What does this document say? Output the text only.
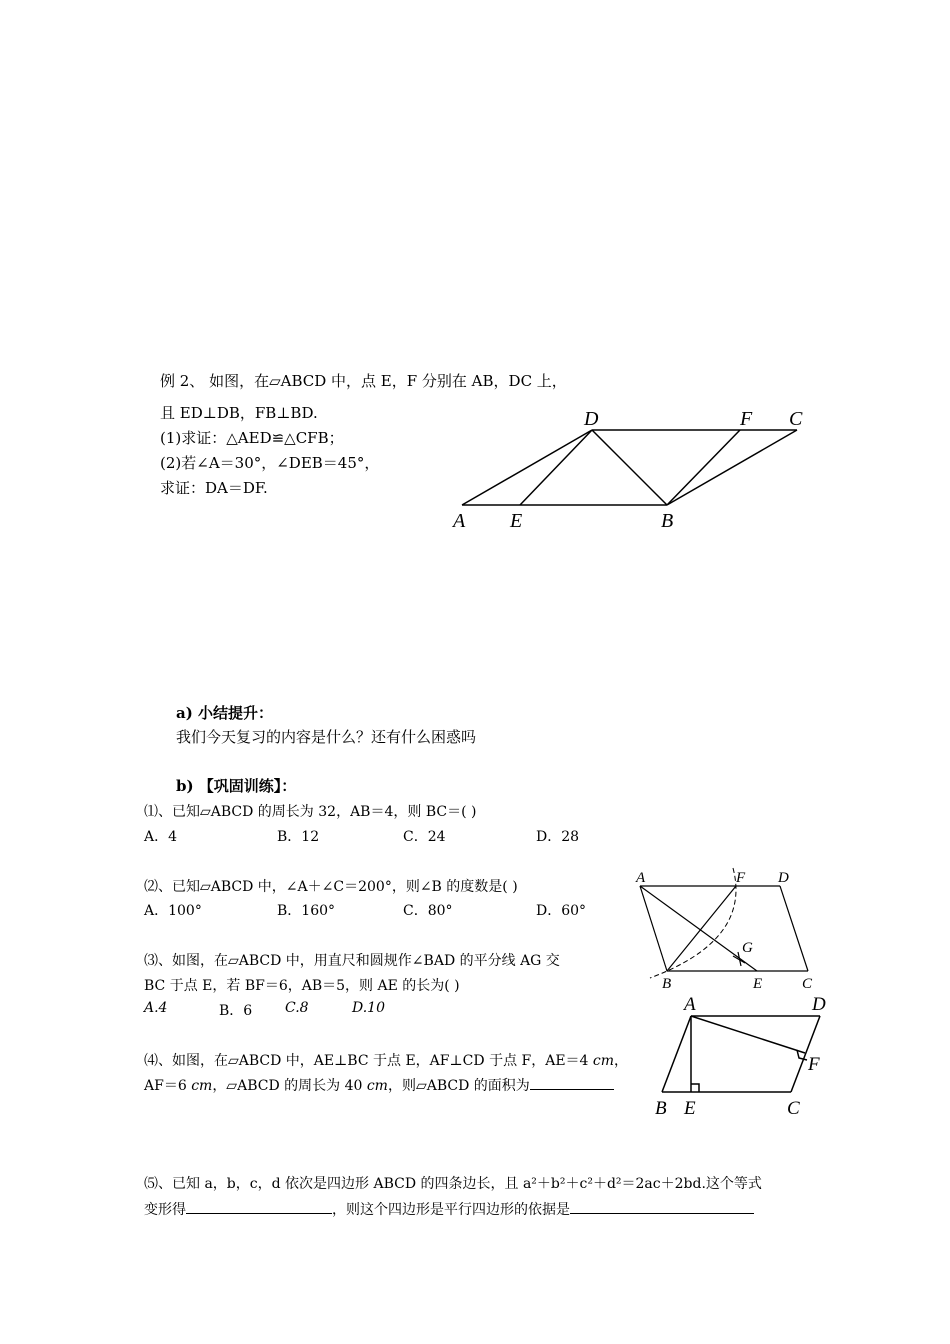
例 2、 如图，在▱ABCD 中，点 E，F 分别在 AB，DC 上，
且 ED⊥DB，FB⊥BD.
(1)求证：△AED≌△CFB；
(2)若∠A＝30°，∠DEB＝45°，
求证：DA＝DF.
D	F C
A E	B
a) 小结提升：
我们今天复习的内容是什么？还有什么困惑吗
b) 【巩固训练】：
⑴、已知▱ABCD 的周长为 32，AB＝4，则 BC＝( )
A．4	B．12	C．24	D．28
⑵、已知▱ABCD 中，∠A＋∠C＝200°，则∠B 的度数是( )
A．100°	B．160°	C．80°	D．60°
⑶、如图，在▱ABCD 中，用直尺和圆规作∠BAD 的平分线 AG 交
BC 于点 E，若 BF＝6，AB＝5，则 AE 的长为( )
A.4	B．6 C.8	D.10
A	F D
G
B	E	C
⑷、如图，在▱ABCD 中，AE⊥BC 于点 E，AF⊥CD 于点 F，AE＝4 cm，
AF＝6 cm，▱ABCD 的周长为 40 cm，则▱ABCD 的面积为
A	D
F
B E	C
⑸、已知 a，b，c，d 依次是四边形 ABCD 的四条边长，且 a²＋b²＋c²＋d²＝2ac＋2bd.这个等式
变形得	，则这个四边形是平行四边形的依据是
